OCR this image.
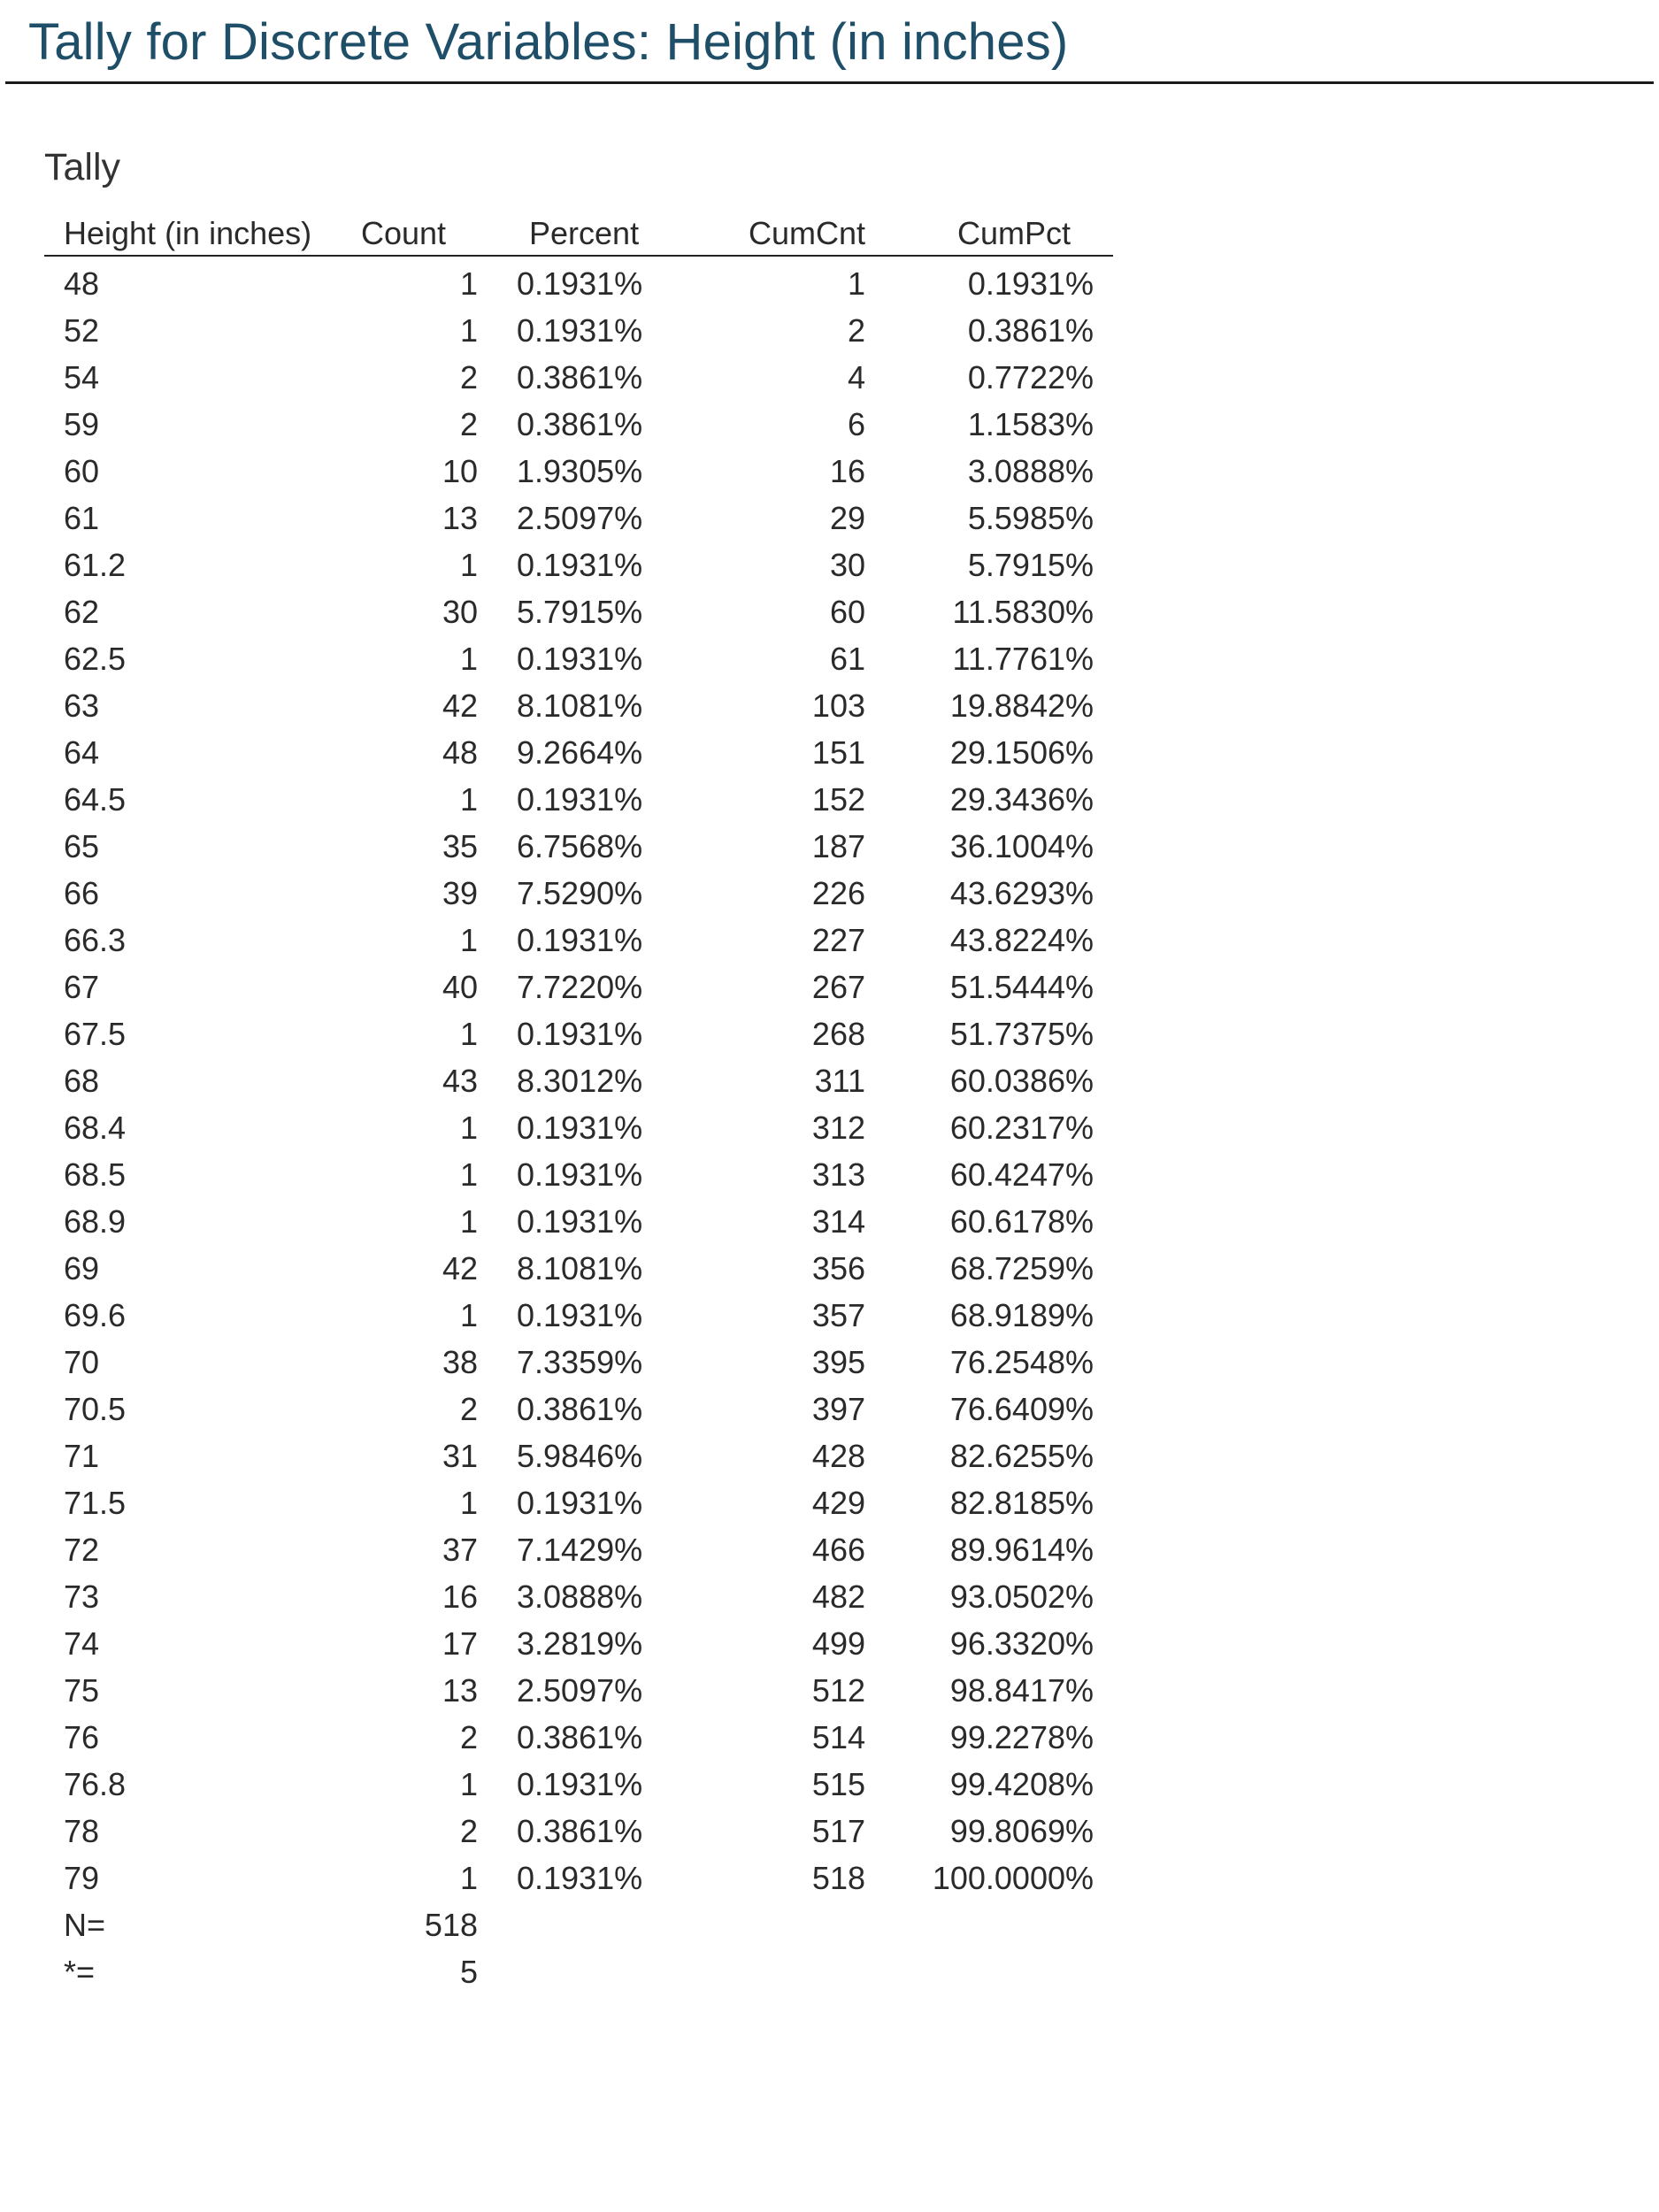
Tally for Discrete Variables: Height (in inches)
Tally
Height (in inches)	Count	Percent	CumCnt	CumPct
48	1	0.1931%	1	0.1931%
52	1	0.1931%	2	0.3861%
54	2	0.3861%	4	0.7722%
59	2	0.3861%	6	1.1583%
60	10	1.9305%	16	3.0888%
61	13	2.5097%	29	5.5985%
61.2	1	0.1931%	30	5.7915%
62	30	5.7915%	60	11.5830%
62.5	1	0.1931%	61	11.7761%
63	42	8.1081%	103	19.8842%
64	48	9.2664%	151	29.1506%
64.5	1	0.1931%	152	29.3436%
65	35	6.7568%	187	36.1004%
66	39	7.5290%	226	43.6293%
66.3	1	0.1931%	227	43.8224%
67	40	7.7220%	267	51.5444%
67.5	1	0.1931%	268	51.7375%
68	43	8.3012%	311	60.0386%
68.4	1	0.1931%	312	60.2317%
68.5	1	0.1931%	313	60.4247%
68.9	1	0.1931%	314	60.6178%
69	42	8.1081%	356	68.7259%
69.6	1	0.1931%	357	68.9189%
70	38	7.3359%	395	76.2548%
70.5	2	0.3861%	397	76.6409%
71	31	5.9846%	428	82.6255%
71.5	1	0.1931%	429	82.8185%
72	37	7.1429%	466	89.9614%
73	16	3.0888%	482	93.0502%
74	17	3.2819%	499	96.3320%
75	13	2.5097%	512	98.8417%
76	2	0.3861%	514	99.2278%
76.8	1	0.1931%	515	99.4208%
78	2	0.3861%	517	99.8069%
79	1	0.1931%	518	100.0000%
N=	518			
*=	5			
